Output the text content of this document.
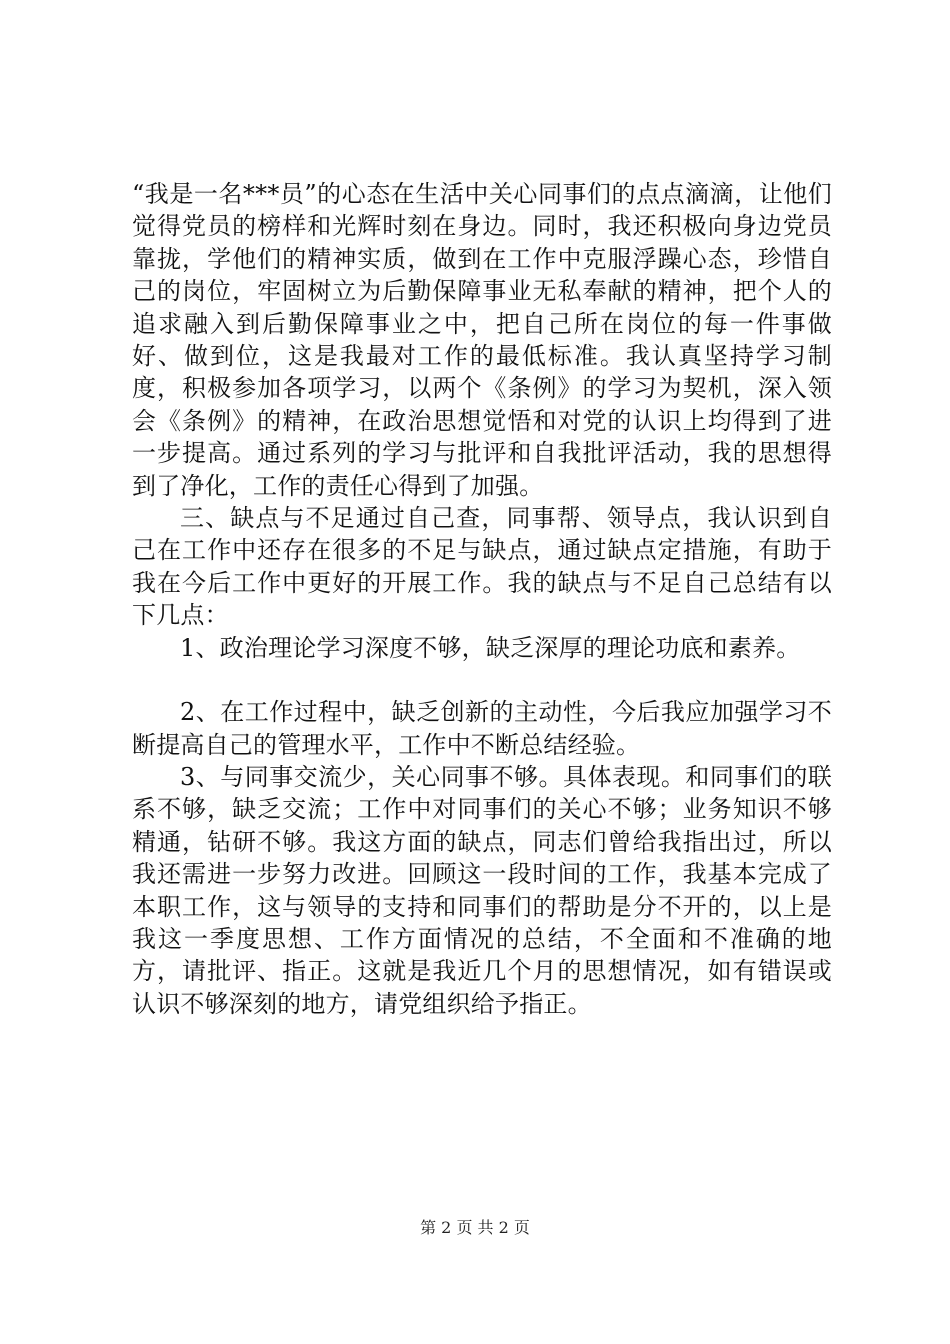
“我是一名***员”的心态在生活中关心同事们的点点滴滴，让他们觉得党员的榜样和光辉时刻在身边。同时，我还积极向身边党员靠拢，学他们的精神实质，做到在工作中克服浮躁心态，珍惜自己的岗位，牢固树立为后勤保障事业无私奉献的精神，把个人的追求融入到后勤保障事业之中，把自己所在岗位的每一件事做好、做到位，这是我最对工作的最低标准。我认真坚持学习制度，积极参加各项学习，以两个《条例》的学习为契机，深入领会《条例》的精神，在政治思想觉悟和对党的认识上均得到了进一步提高。通过系列的学习与批评和自我批评活动，我的思想得到了净化，工作的责任心得到了加强。

三、缺点与不足通过自己查，同事帮、领导点，我认识到自己在工作中还存在很多的不足与缺点，通过缺点定措施，有助于我在今后工作中更好的开展工作。我的缺点与不足自己总结有以下几点：

1、政治理论学习深度不够，缺乏深厚的理论功底和素养。

2、在工作过程中，缺乏创新的主动性，今后我应加强学习不断提高自己的管理水平，工作中不断总结经验。

3、与同事交流少，关心同事不够。具体表现。和同事们的联系不够，缺乏交流；工作中对同事们的关心不够；业务知识不够精通，钻研不够。我这方面的缺点，同志们曾给我指出过，所以我还需进一步努力改进。回顾这一段时间的工作，我基本完成了本职工作，这与领导的支持和同事们的帮助是分不开的，以上是我这一季度思想、工作方面情况的总结，不全面和不准确的地方，请批评、指正。这就是我近几个月的思想情况，如有错误或认识不够深刻的地方，请党组织给予指正。

第 2 页 共 2 页
